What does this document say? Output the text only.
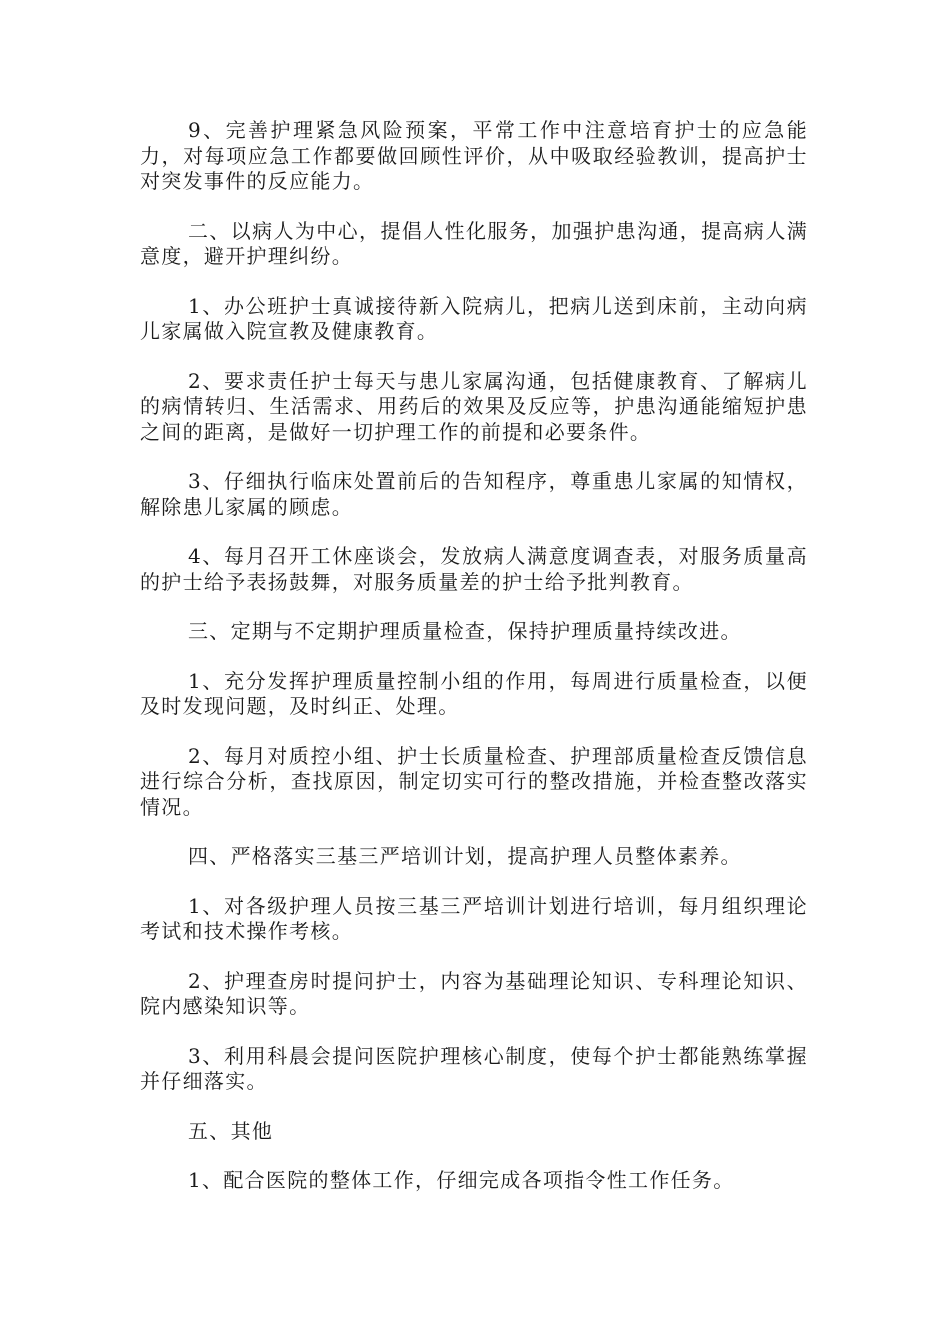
9、完善护理紧急风险预案，平常工作中注意培育护士的应急能力，对每项应急工作都要做回顾性评价，从中吸取经验教训，提高护士对突发事件的反应能力。

二、以病人为中心，提倡人性化服务，加强护患沟通，提高病人满意度，避开护理纠纷。

1、办公班护士真诚接待新入院病儿，把病儿送到床前，主动向病儿家属做入院宣教及健康教育。

2、要求责任护士每天与患儿家属沟通，包括健康教育、了解病儿的病情转归、生活需求、用药后的效果及反应等，护患沟通能缩短护患之间的距离，是做好一切护理工作的前提和必要条件。

3、仔细执行临床处置前后的告知程序，尊重患儿家属的知情权，解除患儿家属的顾虑。

4、每月召开工休座谈会，发放病人满意度调查表，对服务质量高的护士给予表扬鼓舞，对服务质量差的护士给予批判教育。

三、定期与不定期护理质量检查，保持护理质量持续改进。

1、充分发挥护理质量控制小组的作用，每周进行质量检查，以便及时发现问题，及时纠正、处理。

2、每月对质控小组、护士长质量检查、护理部质量检查反馈信息进行综合分析，查找原因，制定切实可行的整改措施，并检查整改落实情况。

四、严格落实三基三严培训计划，提高护理人员整体素养。

1、对各级护理人员按三基三严培训计划进行培训，每月组织理论考试和技术操作考核。

2、护理查房时提问护士，内容为基础理论知识、专科理论知识、院内感染知识等。

3、利用科晨会提问医院护理核心制度，使每个护士都能熟练掌握并仔细落实。

五、其他

1、配合医院的整体工作，仔细完成各项指令性工作任务。
